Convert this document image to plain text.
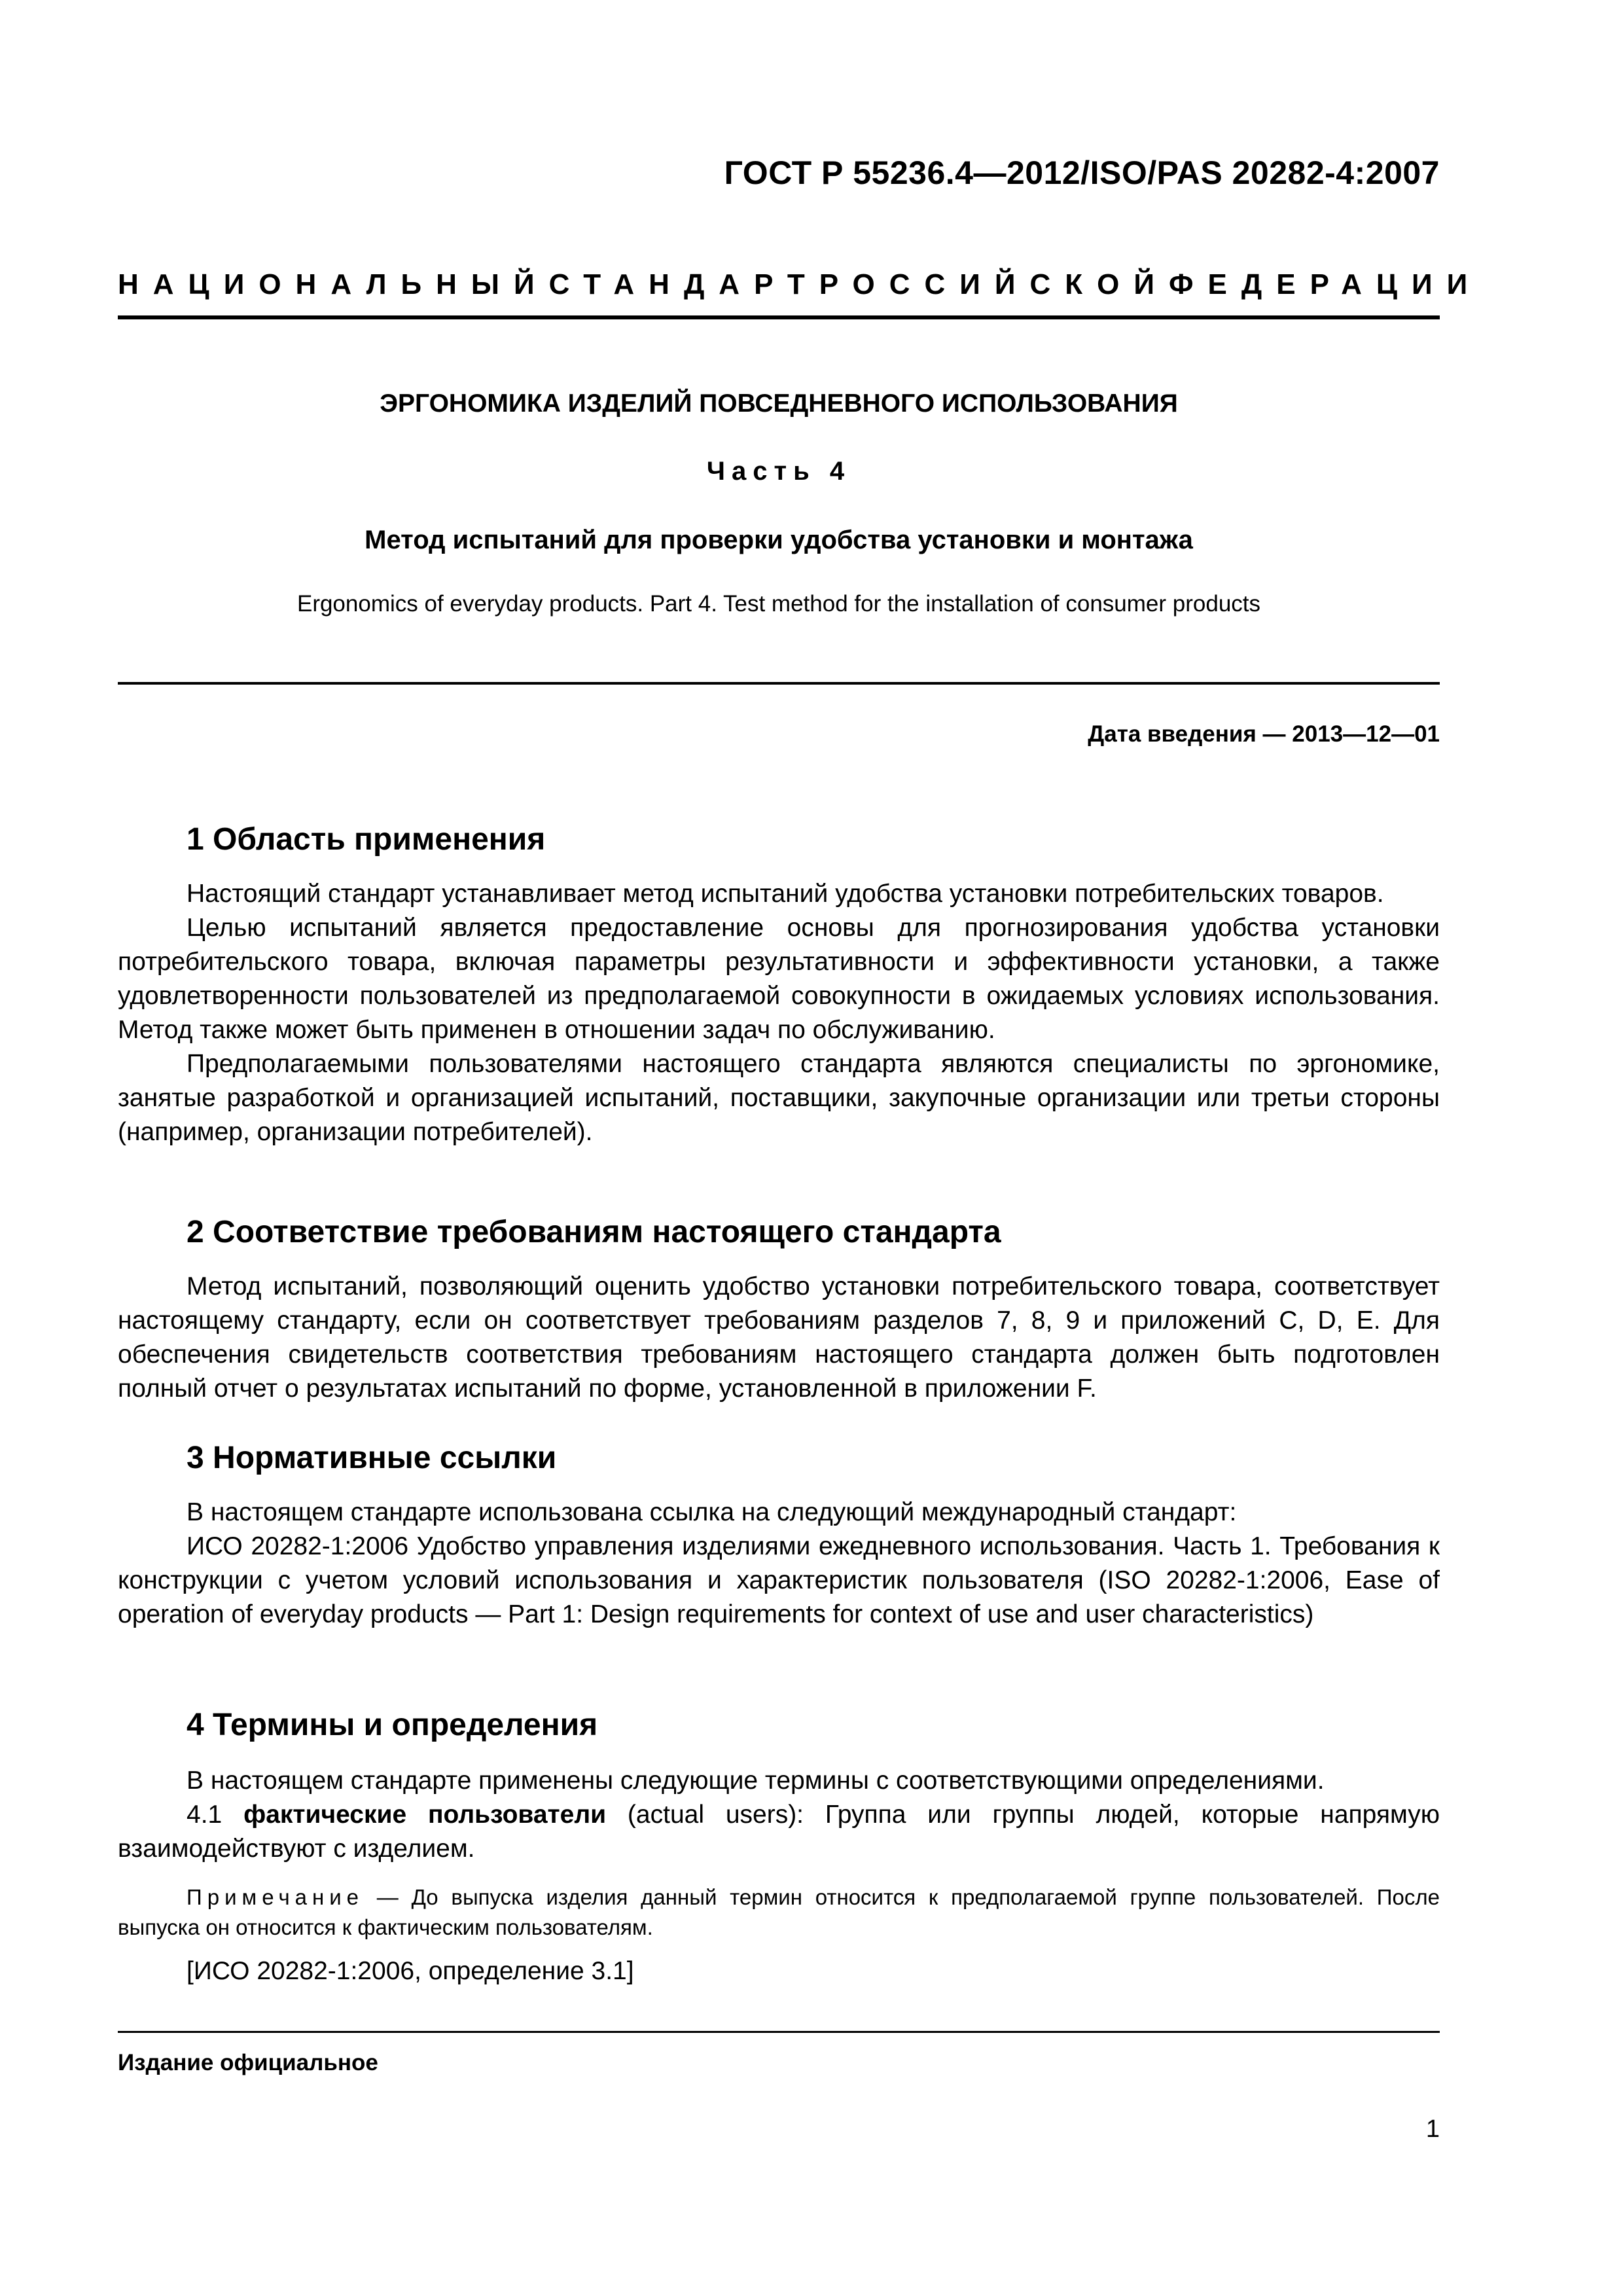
ГОСТ Р 55236.4—2012/ISO/PAS 20282-4:2007
НАЦИОНАЛЬНЫЙ СТАНДАРТ РОССИЙСКОЙ ФЕДЕРАЦИИ
ЭРГОНОМИКА ИЗДЕЛИЙ ПОВСЕДНЕВНОГО ИСПОЛЬЗОВАНИЯ
Часть 4
Метод испытаний для проверки удобства установки и монтажа
Ergonomics of everyday products. Part 4. Test method for the installation of consumer products
Дата введения — 2013—12—01
1 Область применения

Настоящий стандарт устанавливает метод испытаний удобства установки потребительских товаров.

Целью испытаний является предоставление основы для прогнозирования удобства установки потребительского товара, включая параметры результативности и эффективности установки, а также удовлетворенности пользователей из предполагаемой совокупности в ожидаемых условиях использования. Метод также может быть применен в отношении задач по обслуживанию.

Предполагаемыми пользователями настоящего стандарта являются специалисты по эргономике, занятые разработкой и организацией испытаний, поставщики, закупочные организации или третьи стороны (например, организации потребителей).

2 Соответствие требованиям настоящего стандарта

Метод испытаний, позволяющий оценить удобство установки потребительского товара, соответствует настоящему стандарту, если он соответствует требованиям разделов 7, 8, 9 и приложений С, D, Е. Для обеспечения свидетельств соответствия требованиям настоящего стандарта должен быть подготовлен полный отчет о результатах испытаний по форме, установленной в приложении F.

3 Нормативные ссылки

В настоящем стандарте использована ссылка на следующий международный стандарт:

ИСО 20282-1:2006 Удобство управления изделиями ежедневного использования. Часть 1. Требования к конструкции с учетом условий использования и характеристик пользователя (ISO 20282-1:2006, Ease of operation of everyday products — Part 1: Design requirements for context of use and user characteristics)

4 Термины и определения

В настоящем стандарте применены следующие термины с соответствующими определениями.

4.1 фактические пользователи (actual users): Группа или группы людей, которые напрямую взаимодействуют с изделием.

Примечание — До выпуска изделия данный термин относится к предполагаемой группе пользователей. После выпуска он относится к фактическим пользователям.
[ИСО 20282-1:2006, определение 3.1]
Издание официальное
1
